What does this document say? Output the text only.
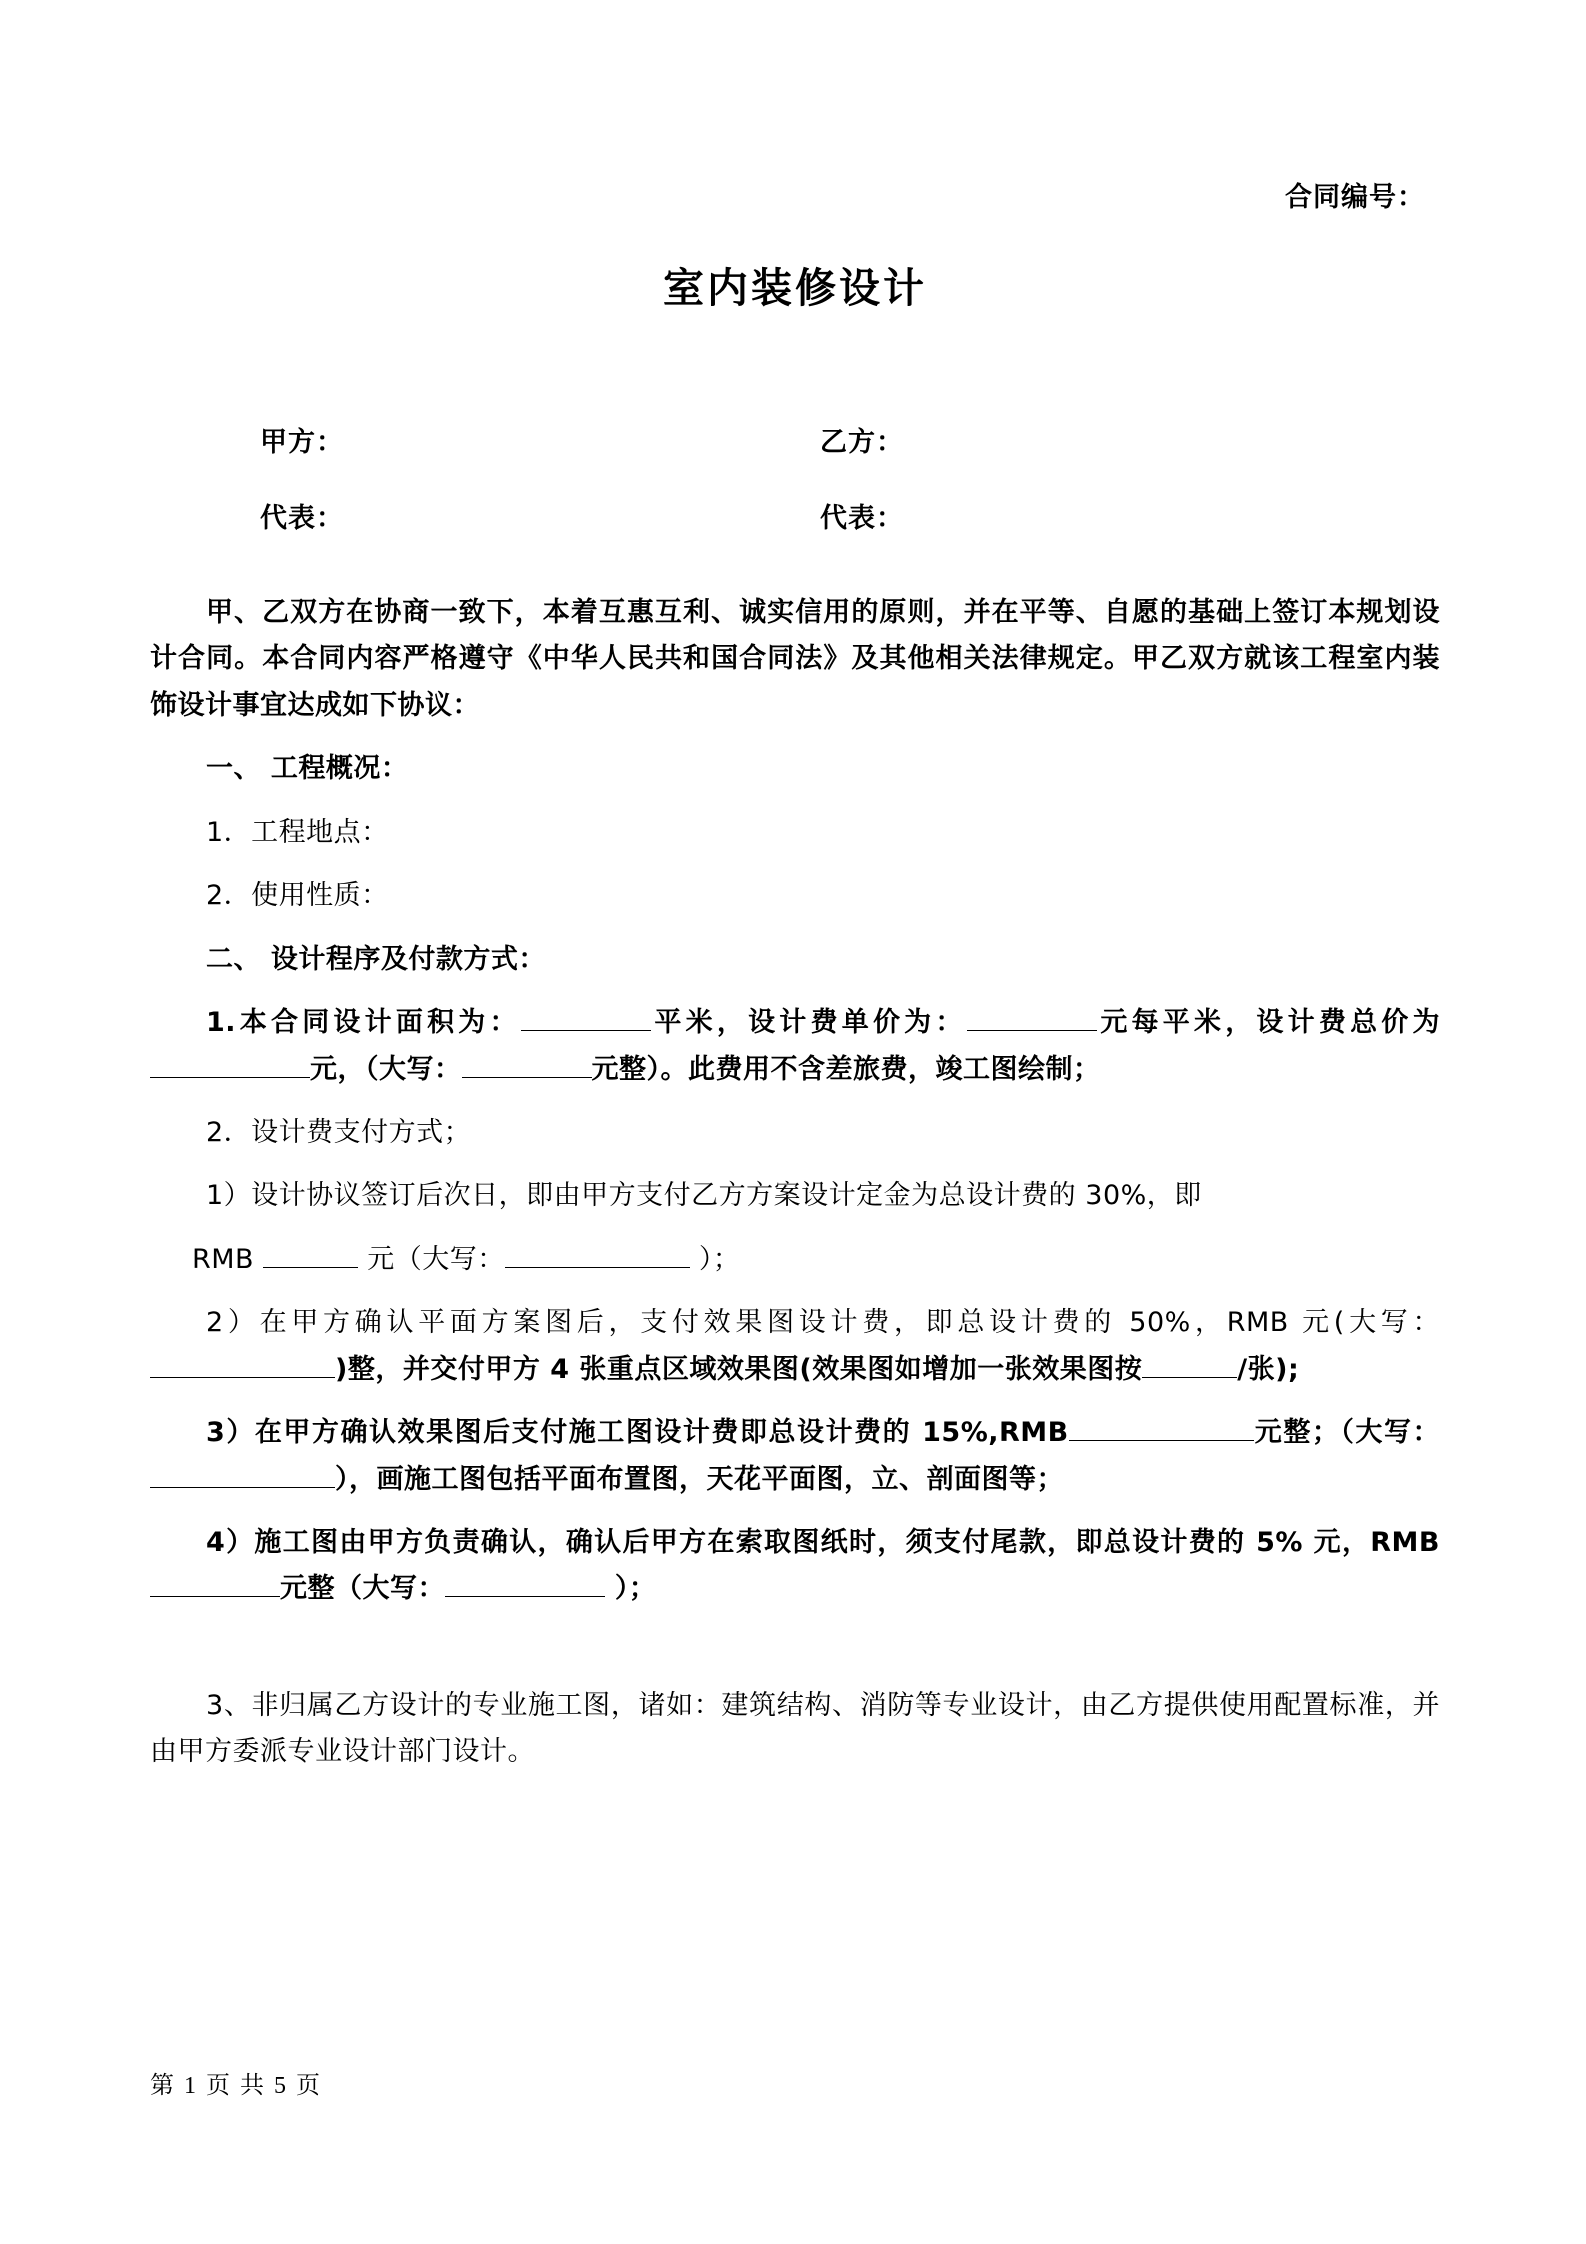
合同编号：
室内装修设计
甲方：	乙方：
代表：	代表：

甲、乙双方在协商一致下，本着互惠互利、诚实信用的原则，并在平等、自愿的基础上签订本规划设计合同。本合同内容严格遵守《中华人民共和国合同法》及其他相关法律规定。甲乙双方就该工程室内装饰设计事宜达成如下协议：

一、 工程概况：

1．工程地点：

2．使用性质：

二、 设计程序及付款方式：

1.本合同设计面积为：	平米，设计费单价为：	元每平米，设计费总价为元，（大写：	元整）。此费用不含差旅费，竣工图绘制；

2．设计费支付方式；

1）设计协议签订后次日，即由甲方支付乙方方案设计定金为总设计费的 30%，即

RMB	元（大写：	）；

2）在甲方确认平面方案图后，支付效果图设计费，即总设计费的 50%，RMB 元(大写：)整，并交付甲方 4 张重点区域效果图(效果图如增加一张效果图按	/张);

3）在甲方确认效果图后支付施工图设计费即总设计费的 15%,RMB	元整；（大写：），画施工图包括平面布置图，天花平面图，立、剖面图等；

4）施工图由甲方负责确认，确认后甲方在索取图纸时，须支付尾款，即总设计费的 5% 元，RMB元整（大写：	）；

3、非归属乙方设计的专业施工图，诸如：建筑结构、消防等专业设计，由乙方提供使用配置标准，并由甲方委派专业设计部门设计。

第 1 页 共 5 页
